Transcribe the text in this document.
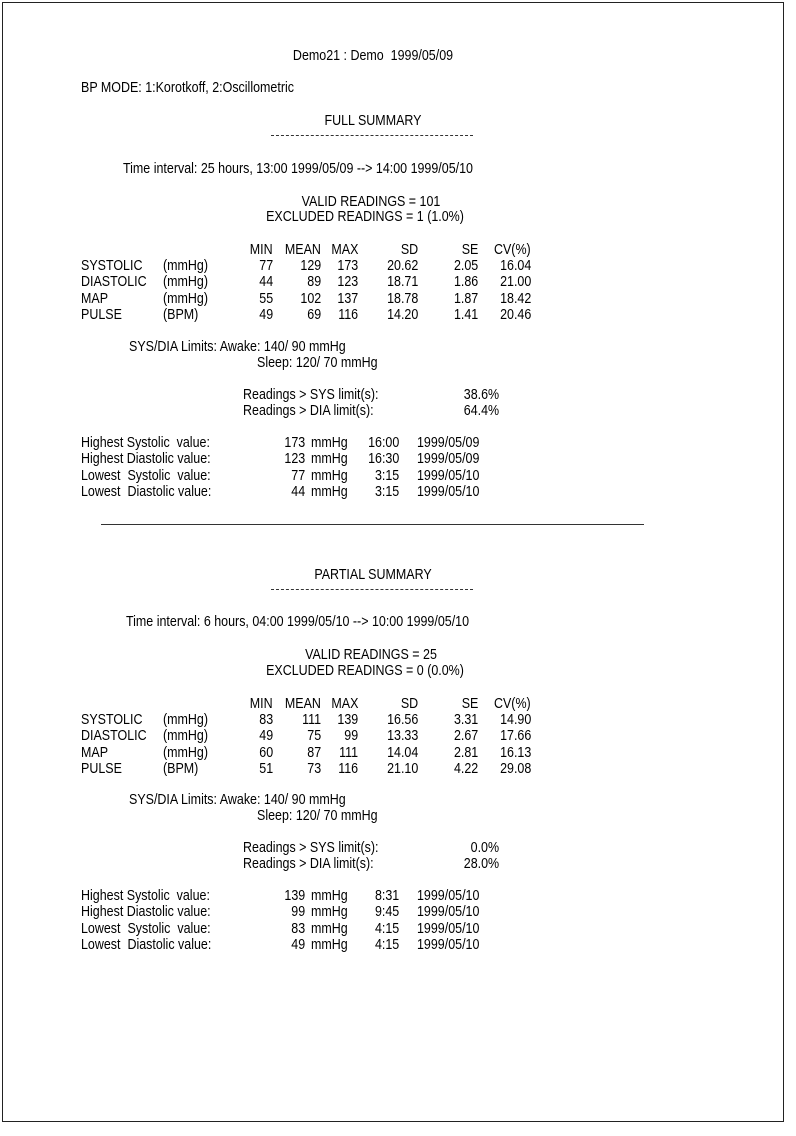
Demo21 : Demo  1999/05/09
BP MODE: 1:Korotkoff, 2:Oscillometric
FULL SUMMARY
Time interval: 25 hours, 13:00 1999/05/09 --> 14:00 1999/05/10
VALID READINGS = 101
EXCLUDED READINGS = 1 (1.0%)
SYS/DIA Limits: Awake: 140/ 90 mmHg
Sleep: 120/ 70 mmHg
Readings > SYS limit(s):	38.6%
Readings > DIA limit(s):	64.4%
PARTIAL SUMMARY
Time interval: 6 hours, 04:00 1999/05/10 --> 10:00 1999/05/10
VALID READINGS = 25
EXCLUDED READINGS = 0 (0.0%)
SYS/DIA Limits: Awake: 140/ 90 mmHg
Sleep: 120/ 70 mmHg
Readings > SYS limit(s):	0.0%
Readings > DIA limit(s):	28.0%
MIN MEAN MAX	SD	SE CV(%)
SYSTOLIC (mmHg)	77 129 173 20.62 2.05 16.04
DIASTOLIC (mmHg)	44 89 123 18.71 1.86 21.00
MAP	(mmHg)	55 102 137 18.78 1.87 18.42
PULSE	(BPM)	49 69 116 14.20 1.41 20.46
MIN MEAN MAX	SD	SE CV(%)
SYSTOLIC (mmHg)	83 111 139 16.56 3.31 14.90
DIASTOLIC (mmHg)	49 75 99 13.33 2.67 17.66
MAP	(mmHg)	60 87 111 14.04 2.81 16.13
PULSE	(BPM)	51 73 116 21.10 4.22 29.08
Highest Systolic  value:	173 mmHg 16:00 1999/05/09
Highest Diastolic value:	123 mmHg 16:30 1999/05/09
Lowest  Systolic  value:	77 mmHg 3:15 1999/05/10
Lowest  Diastolic value:	44 mmHg 3:15 1999/05/10
Highest Systolic  value:	139 mmHg 8:31 1999/05/10
Highest Diastolic value:	99 mmHg 9:45 1999/05/10
Lowest  Systolic  value:	83 mmHg 4:15 1999/05/10
Lowest  Diastolic value:	49 mmHg 4:15 1999/05/10
